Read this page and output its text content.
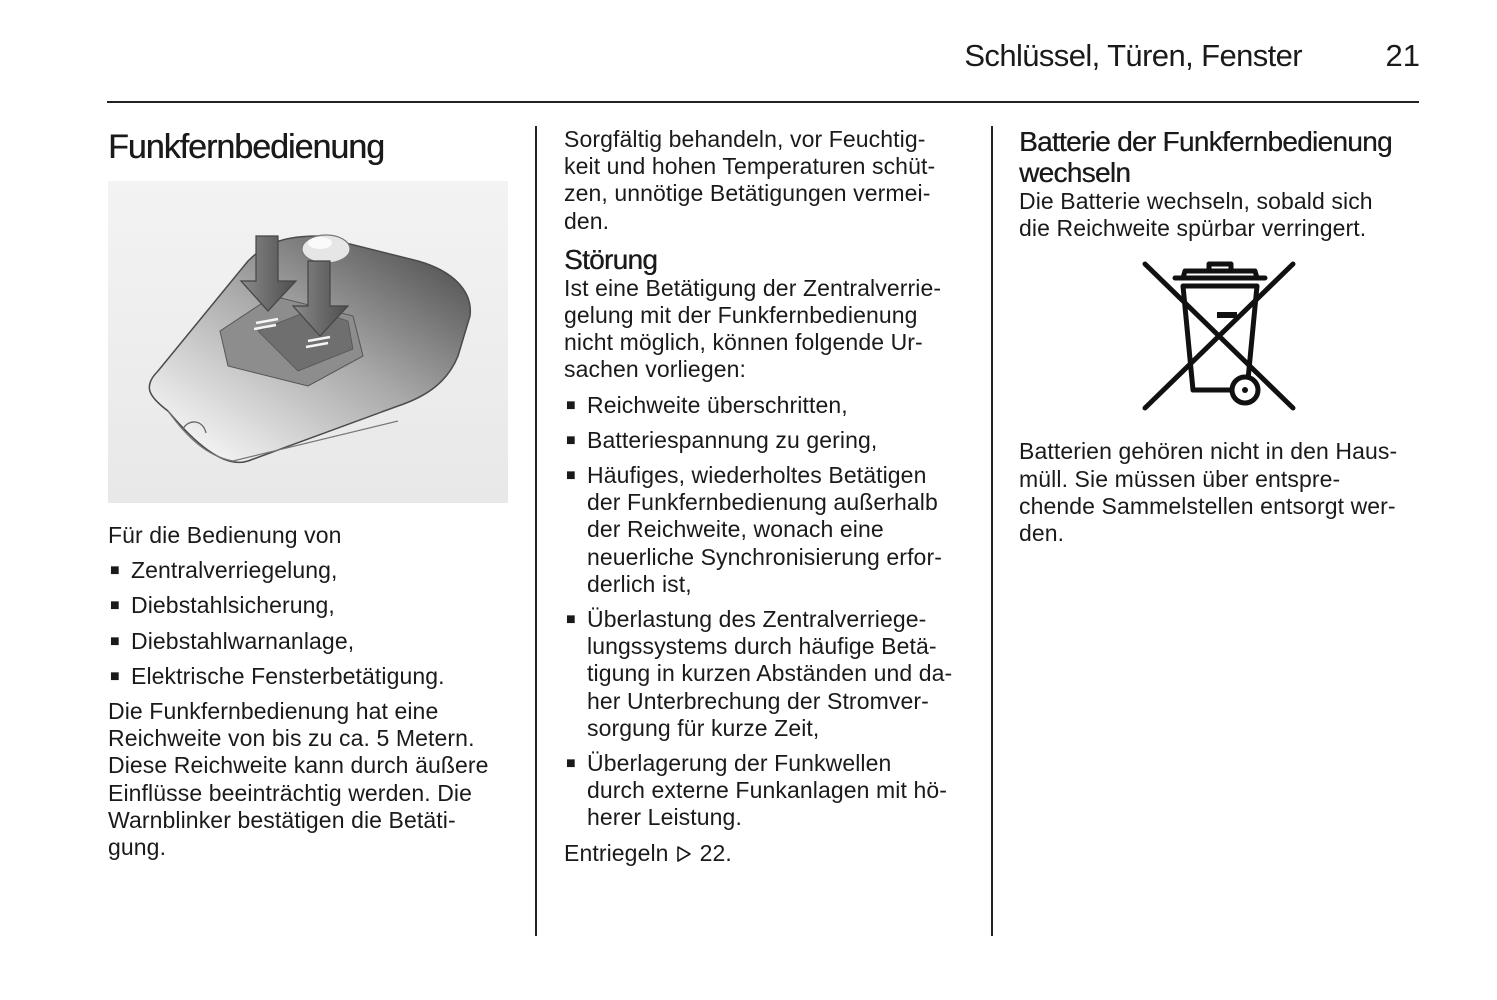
Schlüssel, Türen, Fenster	21
Funkfernbedienung

Für die Bedienung von

■ Zentralverriegelung,
■ Diebstahlsicherung,
■ Diebstahlwarnanlage,
■ Elektrische Fensterbetätigung.

Die Funkfernbedienung hat eine
Reichweite von bis zu ca. 5 Metern.
Diese Reichweite kann durch äußere
Einflüsse beeinträchtig werden. Die
Warnblinker bestätigen die Betäti-
gung.

Sorgfältig behandeln, vor Feuchtig-
keit und hohen Temperaturen schüt-
zen, unnötige Betätigungen vermei-
den.

Störung

Ist eine Betätigung der Zentralverrie-
gelung mit der Funkfernbedienung
nicht möglich, können folgende Ur-
sachen vorliegen:

■ Reichweite überschritten,
■ Batteriespannung zu gering,
■ Häufiges, wiederholtes Betätigen
der Funkfernbedienung außerhalb
der Reichweite, wonach eine
neuerliche Synchronisierung erfor-
derlich ist,
■ Überlastung des Zentralverriege-
lungssystems durch häufige Betä-
tigung in kurzen Abständen und da-
her Unterbrechung der Stromver-
sorgung für kurze Zeit,
■ Überlagerung der Funkwellen
durch externe Funkanlagen mit hö-
herer Leistung.

Entriegeln 22.

Batterie der Funkfernbedienung
wechseln

Die Batterie wechseln, sobald sich
die Reichweite spürbar verringert.

Batterien gehören nicht in den Haus-
müll. Sie müssen über entspre-
chende Sammelstellen entsorgt wer-
den.
